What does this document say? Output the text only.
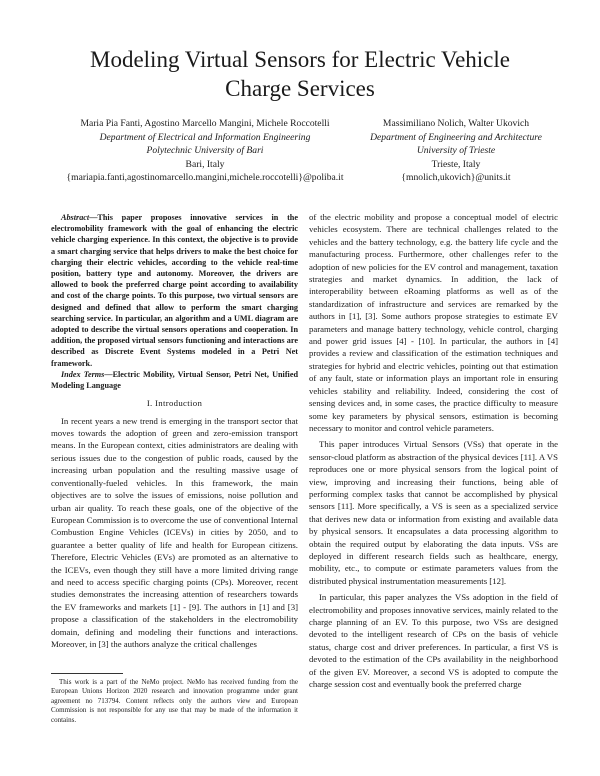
Modeling Virtual Sensors for Electric Vehicle
Charge Services
Maria Pia Fanti, Agostino Marcello Mangini, Michele Roccotelli
Department of Electrical and Information Engineering
Polytechnic University of Bari
Bari, Italy
{mariapia.fanti,agostinomarcello.mangini,michele.roccotelli}@poliba.it
Massimiliano Nolich, Walter Ukovich
Department of Engineering and Architecture
University of Trieste
Trieste, Italy
{mnolich,ukovich}@units.it

Abstract—This paper proposes innovative services in the electromobility framework with the goal of enhancing the electric vehicle charging experience. In this context, the objective is to provide a smart charging service that helps drivers to make the best choice for charging their electric vehicles, according to the vehicle real-time position, battery type and autonomy. Moreover, the drivers are allowed to book the preferred charge point according to availability and cost of the charge points. To this purpose, two virtual sensors are designed and defined that allow to perform the smart charging searching service. In particular, an algorithm and a UML diagram are adopted to describe the virtual sensors operations and cooperation. In addition, the proposed virtual sensors functioning and interactions are described as Discrete Event Systems modeled in a Petri Net framework.

Index Terms—Electric Mobility, Virtual Sensor, Petri Net, Unified Modeling Language

I. Introduction

In recent years a new trend is emerging in the transport sector that moves towards the adoption of green and zero-emission transport means. In the European context, cities administrators are dealing with serious issues due to the congestion of public roads, caused by the increasing urban population and the resulting massive usage of conventionally-fueled vehicles. In this framework, the main objectives are to solve the issues of emissions, noise pollution and urban air quality. To reach these goals, one of the objective of the European Commission is to overcome the use of conventional Internal Combustion Engine Vehicles (ICEVs) in cities by 2050, and to guarantee a better quality of life and health for European citizens. Therefore, Electric Vehicles (EVs) are promoted as an alternative to the ICEVs, even though they still have a more limited driving range and need to access specific charging points (CPs). Moreover, recent studies demonstrates the increasing attention of researchers towards the EV frameworks and markets [1] - [9]. The authors in [1] and [3] propose a classification of the stakeholders in the electromobility domain, defining and modeling their functions and interactions. Moreover, in [3] the authors analyze the critical challenges

This work is a part of the NeMo project. NeMo has received funding from the European Unions Horizon 2020 research and innovation programme under grant agreement no 713794. Content reflects only the authors view and European Commission is not responsible for any use that may be made of the information it contains.

of the electric mobility and propose a conceptual model of electric vehicles ecosystem. There are technical challenges related to the vehicles and the battery technology, e.g. the battery life cycle and the manufacturing process. Furthermore, other challenges refer to the adoption of new policies for the EV control and management, taxation strategies and market dynamics. In addition, the lack of interoperability between eRoaming platforms as well as of the standardization of infrastructure and services are remarked by the authors in [1], [3]. Some authors propose strategies to estimate EV parameters and manage battery technology, vehicle control, charging and power grid issues [4] - [10]. In particular, the authors in [4] provides a review and classification of the estimation techniques and strategies for hybrid and electric vehicles, pointing out that estimation of any fault, state or information plays an important role in ensuring vehicles stability and reliability. Indeed, considering the cost of sensing devices and, in some cases, the practice difficulty to measure some key parameters by physical sensors, estimation is becoming necessary to monitor and control vehicle parameters.

This paper introduces Virtual Sensors (VSs) that operate in the sensor-cloud platform as abstraction of the physical devices [11]. A VS reproduces one or more physical sensors from the logical point of view, improving and increasing their functions, being able of performing complex tasks that cannot be accomplished by physical sensors [11]. More specifically, a VS is seen as a specialized service that derives new data or information from existing and available data by physical sensors. It encapsulates a data processing algorithm to obtain the required output by elaborating the data inputs. VSs are deployed in different research fields such as healthcare, energy, mobility, etc., to compute or estimate parameters values from the distributed physical instrumentation measurements [12].

In particular, this paper analyzes the VSs adoption in the field of electromobility and proposes innovative services, mainly related to the charge planning of an EV. To this purpose, two VSs are designed devoted to the intelligent research of CPs on the basis of vehicle status, charge cost and driver preferences. In particular, a first VS is devoted to the estimation of the CPs availability in the neighborhood of the given EV. Moreover, a second VS is adopted to compute the charge session cost and eventually book the preferred charge
